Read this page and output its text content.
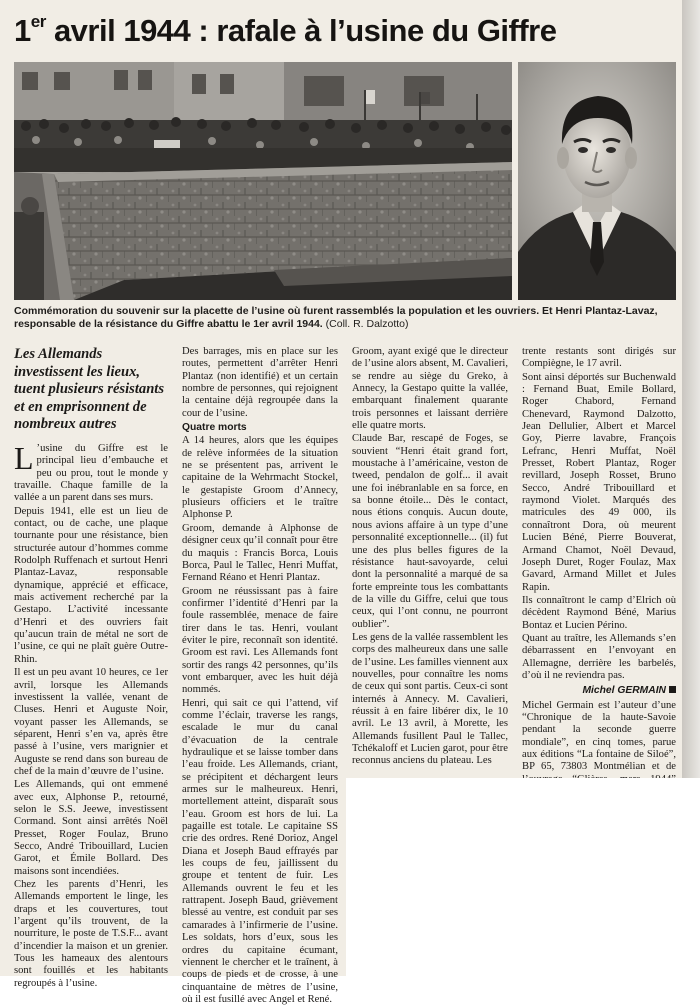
1er avril 1944 : rafale à l’usine du Giffre
Commémoration du souvenir sur la placette de l’usine où furent rassemblés la population et les ouvriers. Et Henri Plantaz-Lavaz, responsable de la résistance du Giffre abattu le 1er avril 1944. (Coll. R. Dalzotto)
Les Allemands investissent les lieux, tuent plusieurs résistants et en emprisonnent de nombreux autres

L ’usine du Giffre est le principal lieu d’embauche et peu ou prou, tout le monde y travaille. Chaque famille de la vallée a un parent dans ses murs.

Depuis 1941, elle est un lieu de contact, ou de cache, une plaque tournante pour une résistance, bien structurée autour d’hommes comme Rodolph Ruffenach et surtout Henri Plantaz-Lavaz, responsable dynamique, apprécié et efficace, mais activement recherché par la Gestapo. L’activité incessante d’Henri et des ouvriers fait qu’aucun train de métal ne sort de l’usine, ce qui ne plaît guère Outre-Rhin.

Il est un peu avant 10 heures, ce 1er avril, lorsque les Allemands investissent la vallée, venant de Cluses. Henri et Auguste Noir, voyant passer les Allemands, se séparent, Henri s’en va, après être passé à l’usine, vers marignier et Auguste se rend dans son bureau de chef de la main d’œuvre de l’usine.

Les Allemands, qui ont emmené avec eux, Alphonse P., retourné, selon le S.S. Jeewe, investissent Cormand. Sont ainsi arrêtés Noël Presset, Roger Foulaz, Bruno Secco, André Tribouillard, Lucien Garot, et Émile Bollard. Des maisons sont incendiées.

Chez les parents d’Henri, les Allemands emportent le linge, les draps et les couvertures, tout l’argent qu’ils trouvent, de la nourriture, le poste de T.S.F... avant d’incendier la maison et un grenier. Tous les hameaux des alentours sont fouillés et les habitants regroupés à l’usine.

Des barrages, mis en place sur les routes, permettent d’arrêter Henri Plantaz (non identifié) et un certain nombre de personnes, qui rejoignent la centaine déjà regroupée dans la cour de l’usine.

Quatre morts

A 14 heures, alors que les équipes de relève informées de la situation ne se présentent pas, arrivent le capitaine de la Wehrmacht Stockel, le gestapiste Groom d’Annecy, plusieurs officiers et le traître Alphonse P.

Groom, demande à Alphonse de désigner ceux qu’il connaît pour être du maquis : Francis Borca, Louis Borca, Paul le Tallec, Henri Muffat, Fernand Réano et Henri Plantaz.

Groom ne réussissant pas à faire confirmer l’identité d’Henri par la foule rassemblée, menace de faire tirer dans le tas. Henri, voulant éviter le pire, reconnaît son identité. Groom est ravi. Les Allemands font sortir des rangs 42 personnes, qu’ils vont embarquer, avec les huit déjà nommés.

Henri, qui sait ce qui l’attend, vif comme l’éclair, traverse les rangs, escalade le mur du canal d’évacuation de la centrale hydraulique et se laisse tomber dans l’eau froide. Les Allemands, criant, se précipitent et déchargent leurs armes sur le malheureux. Henri, mortellement atteint, disparaît sous l’eau. Groom est hors de lui. La pagaille est totale. Le capitaine SS crie des ordres. René Dorioz, Angel Diana et Joseph Baud effrayés par les coups de feu, jaillissent du groupe et tentent de fuir. Les Allemands ouvrent le feu et les rattrapent. Joseph Baud, grièvement blessé au ventre, est conduit par ses camarades à l’infirmerie de l’usine. Les soldats, hors d’eux, sous les ordres du capitaine écumant, viennent le chercher et le traînent, à coups de pieds et de crosse, à une cinquantaine de mètres de l’usine, où il est fusillé avec Angel et René.

Groom, ayant exigé que le directeur de l’usine alors absent, M. Cavalieri, se rendre au siège du Greko, à Annecy, la Gestapo quitte la vallée, embarquant finalement quarante trois personnes et laissant derrière elle quatre morts.

Claude Bar, rescapé de Foges, se souvient “Henri était grand fort, moustache à l’américaine, veston de tweed, pendalon de golf... il avait une foi inébranlable en sa force, en sa bonne étoile... Dès le contact, nous étions conquis. Aucun doute, nous avions affaire à un type d’une personnalité exceptionnelle... (il) fut une des plus belles figures de la résistance haut-savoyarde, celui dont la personnalité a marqué de sa forte empreinte tous les combattants de la ville du Giffre, celui que tous ceux, qui l’ont connu, ne pourront oublier”.

Les gens de la vallée rassemblent les corps des malheureux dans une salle de l’usine. Les familles viennent aux nouvelles, pour connaître les noms de ceux qui sont partis. Ceux-ci sont internés à Annecy. M. Cavalieri, réussit à en faire libérer dix, le 10 avril. Le 13 avril, à Morette, les Allemands fusillent Paul le Tallec, Tchékaloff et Lucien garot, pour être reconnus anciens du plateau. Les

trente restants sont dirigés sur Compiègne, le 17 avril.

Sont ainsi déportés sur Buchenwald : Fernand Buat, Emile Bollard, Roger Chabord, Fernand Chenevard, Raymond Dalzotto, Jean Dellulier, Albert et Marcel Goy, Pierre lavabre, François Lefranc, Henri Muffat, Noël Presset, Robert Plantaz, Roger revillard, Joseph Rosset, Bruno Secco, André Tribouillard et raymond Violet. Marqués des matricules des 49 000, ils connaîtront Dora, où meurent Lucien Béné, Pierre Bouverat, Armand Chamot, Noël Devaud, Joseph Duret, Roger Foulaz, Max Gavard, Armand Millet et Jules Rapin.

Ils connaîtront le camp d’Elrich où décèdent Raymond Béné, Marius Bontaz et Lucien Périno.

Quant au traître, les Allemands s’en débarrassent en l’envoyant en Allemagne, derrière les barbelés, d’où il ne reviendra pas.

Michel GERMAIN

Michel Germain est l’auteur d’une “Chronique de la haute-Savoie pendant la seconde guerre mondiale”, en cinq tomes, parue aux éditions “La fontaine de Siloé”, BP 65, 73803 Montmélian et de
